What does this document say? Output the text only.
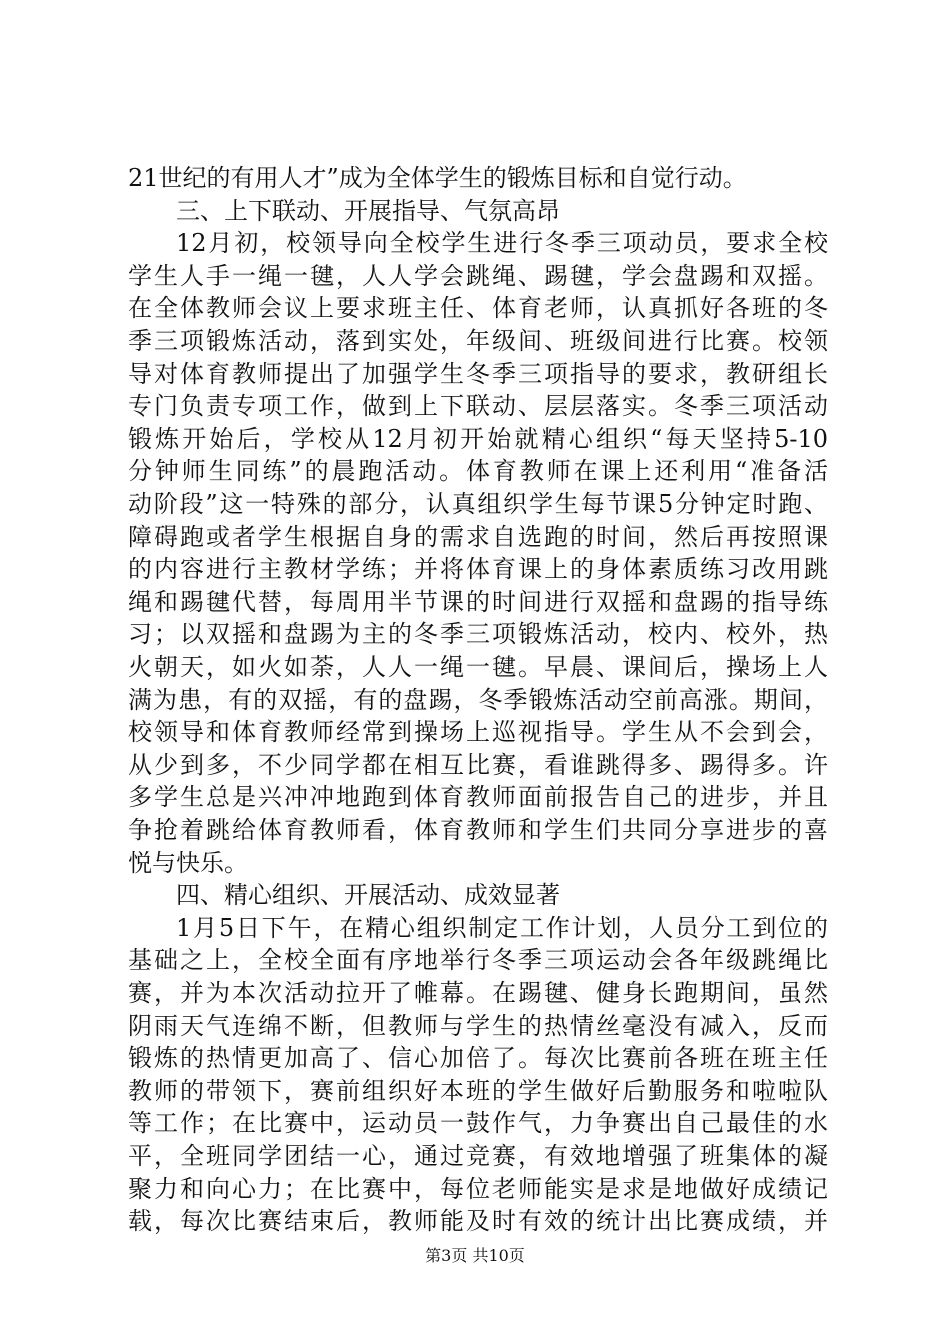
21世纪的有用人才”成为全体学生的锻炼目标和自觉行动。
三、上下联动、开展指导、气氛高昂
12月初，校领导向全校学生进行冬季三项动员，要求全校
学生人手一绳一毽，人人学会跳绳、踢毽，学会盘踢和双摇。
在全体教师会议上要求班主任、体育老师，认真抓好各班的冬
季三项锻炼活动，落到实处，年级间、班级间进行比赛。校领
导对体育教师提出了加强学生冬季三项指导的要求，教研组长
专门负责专项工作，做到上下联动、层层落实。冬季三项活动
锻炼开始后，学校从12月初开始就精心组织“每天坚持5-10
分钟师生同练”的晨跑活动。体育教师在课上还利用“准备活
动阶段”这一特殊的部分，认真组织学生每节课5分钟定时跑、
障碍跑或者学生根据自身的需求自选跑的时间，然后再按照课
的内容进行主教材学练；并将体育课上的身体素质练习改用跳
绳和踢毽代替，每周用半节课的时间进行双摇和盘踢的指导练
习；以双摇和盘踢为主的冬季三项锻炼活动，校内、校外，热
火朝天，如火如荼，人人一绳一毽。早晨、课间后，操场上人
满为患，有的双摇，有的盘踢，冬季锻炼活动空前高涨。期间，
校领导和体育教师经常到操场上巡视指导。学生从不会到会，
从少到多，不少同学都在相互比赛，看谁跳得多、踢得多。许
多学生总是兴冲冲地跑到体育教师面前报告自己的进步，并且
争抢着跳给体育教师看，体育教师和学生们共同分享进步的喜
悦与快乐。
四、精心组织、开展活动、成效显著
1月5日下午，在精心组织制定工作计划，人员分工到位的
基础之上，全校全面有序地举行冬季三项运动会各年级跳绳比
赛，并为本次活动拉开了帷幕。在踢毽、健身长跑期间，虽然
阴雨天气连绵不断，但教师与学生的热情丝毫没有减入，反而
锻炼的热情更加高了、信心加倍了。每次比赛前各班在班主任
教师的带领下，赛前组织好本班的学生做好后勤服务和啦啦队
等工作；在比赛中，运动员一鼓作气，力争赛出自己最佳的水
平，全班同学团结一心，通过竞赛，有效地增强了班集体的凝
聚力和向心力；在比赛中，每位老师能实是求是地做好成绩记
载，每次比赛结束后，教师能及时有效的统计出比赛成绩，并
第3页 共10页
